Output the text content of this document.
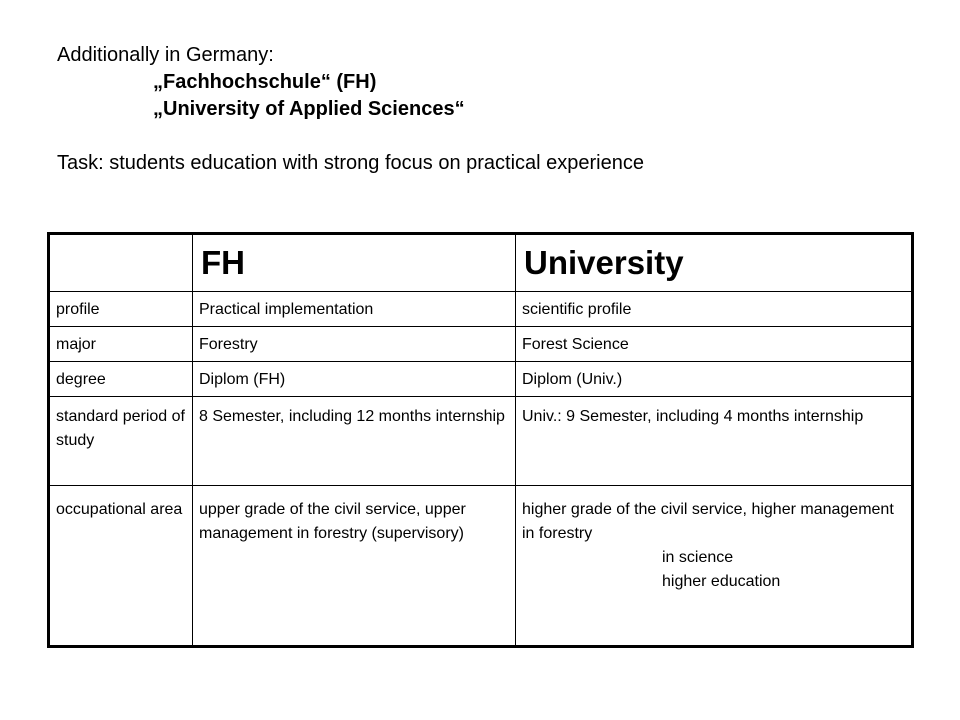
Additionally in Germany:
„Fachhochschule“ (FH)
„University of Applied Sciences“
Task: students education with strong focus on practical experience
	FH	University
profile	Practical implementation	scientific profile
major	Forestry	Forest Science
degree	Diplom (FH)	Diplom (Univ.)
standard period of study	8 Semester, including 12 months internship	Univ.: 9 Semester, including 4 months internship
occupational area	upper grade of the civil service, upper management in forestry (supervisory)	higher grade of the civil service, higher management in forestry
in science
higher education
